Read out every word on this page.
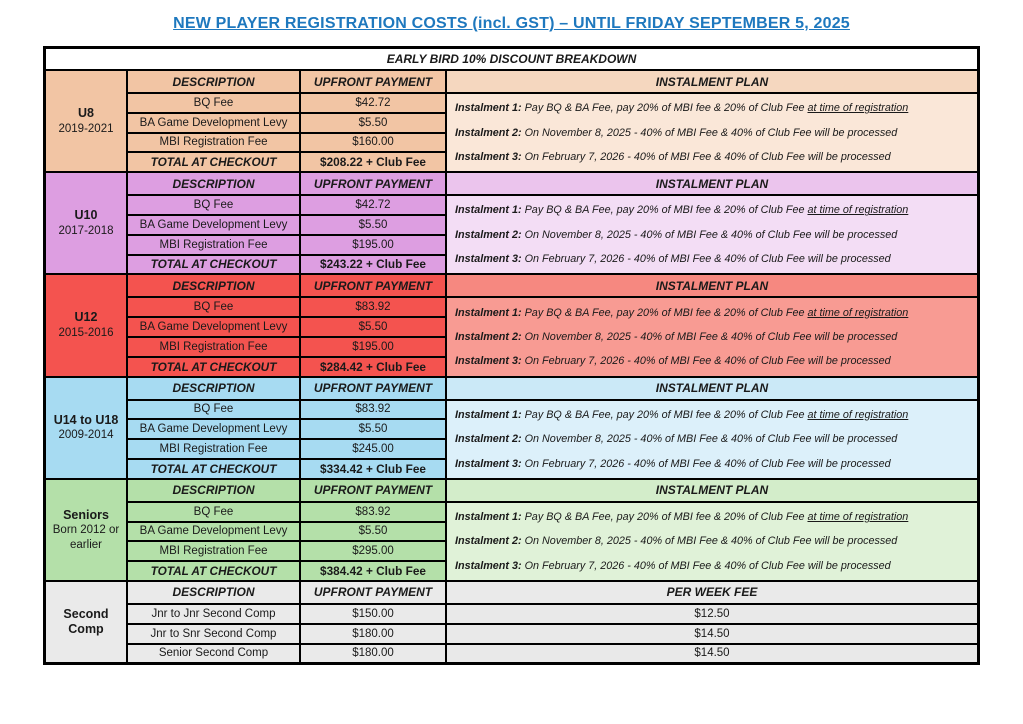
NEW PLAYER REGISTRATION COSTS (incl. GST) – UNTIL FRIDAY SEPTEMBER 5, 2025
EARLY BIRD 10% DISCOUNT BREAKDOWN
U8
2019-2021
DESCRIPTION	UPFRONT PAYMENT	INSTALMENT PLAN
Instalment 1: Pay BQ & BA Fee, pay 20% of MBI fee & 20% of Club Fee at time of registration
Instalment 2: On November 8, 2025 - 40% of MBI Fee & 40% of Club Fee will be processed
Instalment 3: On February 7, 2026 - 40% of MBI Fee & 40% of Club Fee will be processed
BQ Fee	$42.72
BA Game Development Levy	$5.50
MBI Registration Fee	$160.00
TOTAL AT CHECKOUT	$208.22 + Club Fee
U10
2017-2018
DESCRIPTION	UPFRONT PAYMENT	INSTALMENT PLAN
Instalment 1: Pay BQ & BA Fee, pay 20% of MBI fee & 20% of Club Fee at time of registration
Instalment 2: On November 8, 2025 - 40% of MBI Fee & 40% of Club Fee will be processed
Instalment 3: On February 7, 2026 - 40% of MBI Fee & 40% of Club Fee will be processed
BQ Fee	$42.72
BA Game Development Levy	$5.50
MBI Registration Fee	$195.00
TOTAL AT CHECKOUT	$243.22 + Club Fee
U12
2015-2016
DESCRIPTION	UPFRONT PAYMENT	INSTALMENT PLAN
Instalment 1: Pay BQ & BA Fee, pay 20% of MBI fee & 20% of Club Fee at time of registration
Instalment 2: On November 8, 2025 - 40% of MBI Fee & 40% of Club Fee will be processed
Instalment 3: On February 7, 2026 - 40% of MBI Fee & 40% of Club Fee will be processed
BQ Fee	$83.92
BA Game Development Levy	$5.50
MBI Registration Fee	$195.00
TOTAL AT CHECKOUT	$284.42 + Club Fee
U14 to U18
2009-2014
DESCRIPTION	UPFRONT PAYMENT	INSTALMENT PLAN
Instalment 1: Pay BQ & BA Fee, pay 20% of MBI fee & 20% of Club Fee at time of registration
Instalment 2: On November 8, 2025 - 40% of MBI Fee & 40% of Club Fee will be processed
Instalment 3: On February 7, 2026 - 40% of MBI Fee & 40% of Club Fee will be processed
BQ Fee	$83.92
BA Game Development Levy	$5.50
MBI Registration Fee	$245.00
TOTAL AT CHECKOUT	$334.42 + Club Fee
Seniors
Born 2012 or earlier
DESCRIPTION	UPFRONT PAYMENT	INSTALMENT PLAN
Instalment 1: Pay BQ & BA Fee, pay 20% of MBI fee & 20% of Club Fee at time of registration
Instalment 2: On November 8, 2025 - 40% of MBI Fee & 40% of Club Fee will be processed
Instalment 3: On February 7, 2026 - 40% of MBI Fee & 40% of Club Fee will be processed
BQ Fee	$83.92
BA Game Development Levy	$5.50
MBI Registration Fee	$295.00
TOTAL AT CHECKOUT	$384.42 + Club Fee
Second Comp
DESCRIPTION	UPFRONT PAYMENT	PER WEEK FEE
Jnr to Jnr Second Comp	$150.00	$12.50
Jnr to Snr Second Comp	$180.00	$14.50
Senior Second Comp	$180.00	$14.50
